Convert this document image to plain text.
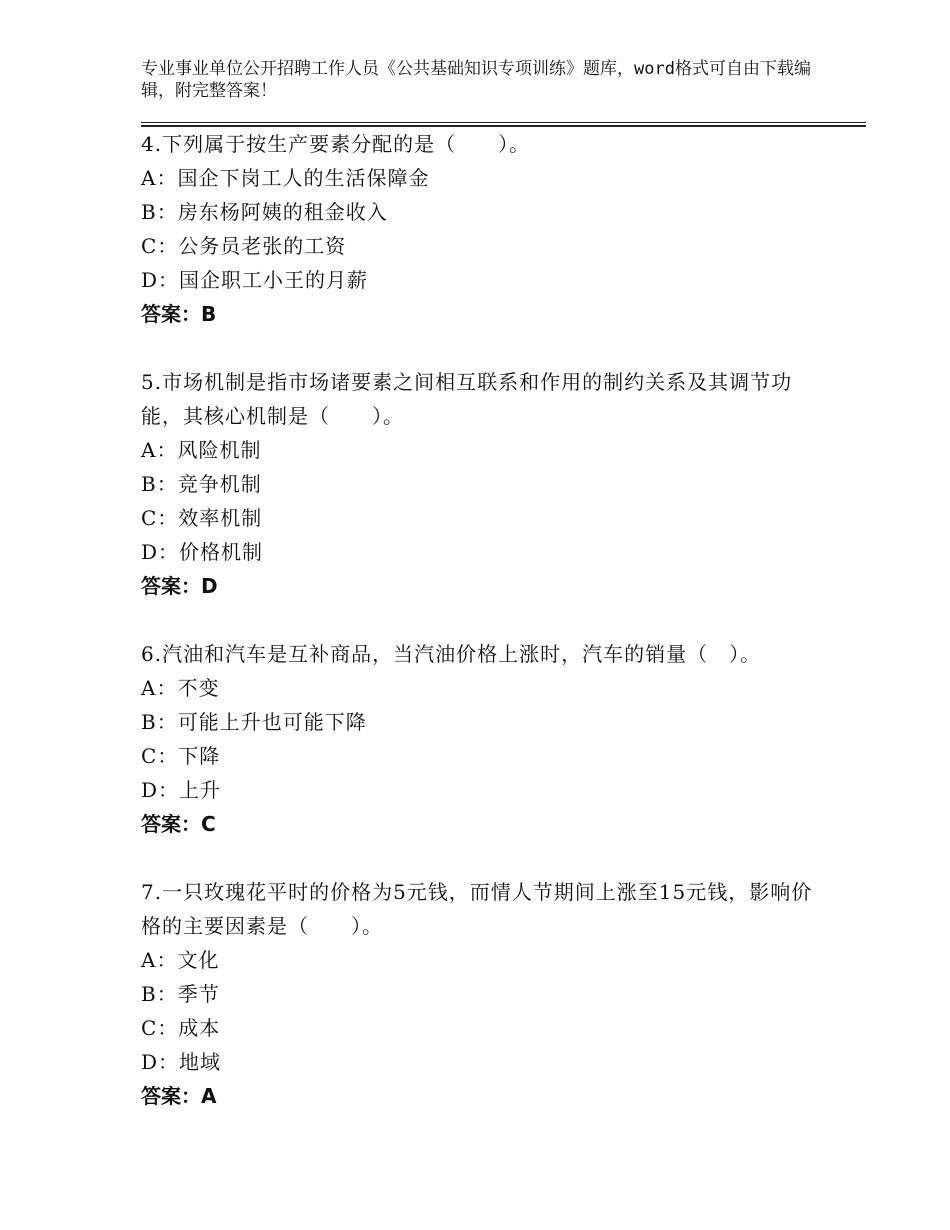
专业事业单位公开招聘工作人员《公共基础知识专项训练》题库，word格式可自由下载编辑，附完整答案！
4.下列属于按生产要素分配的是（　　）。
A：国企下岗工人的生活保障金
B：房东杨阿姨的租金收入
C：公务员老张的工资
D：国企职工小王的月薪
答案：B
5.市场机制是指市场诸要素之间相互联系和作用的制约关系及其调节功能，其核心机制是（　　）。
A：风险机制
B：竞争机制
C：效率机制
D：价格机制
答案：D
6.汽油和汽车是互补商品，当汽油价格上涨时，汽车的销量（　）。
A：不变
B：可能上升也可能下降
C：下降
D：上升
答案：C
7.一只玫瑰花平时的价格为5元钱，而情人节期间上涨至15元钱，影响价格的主要因素是（　　）。
A：文化
B：季节
C：成本
D：地域
答案：A
